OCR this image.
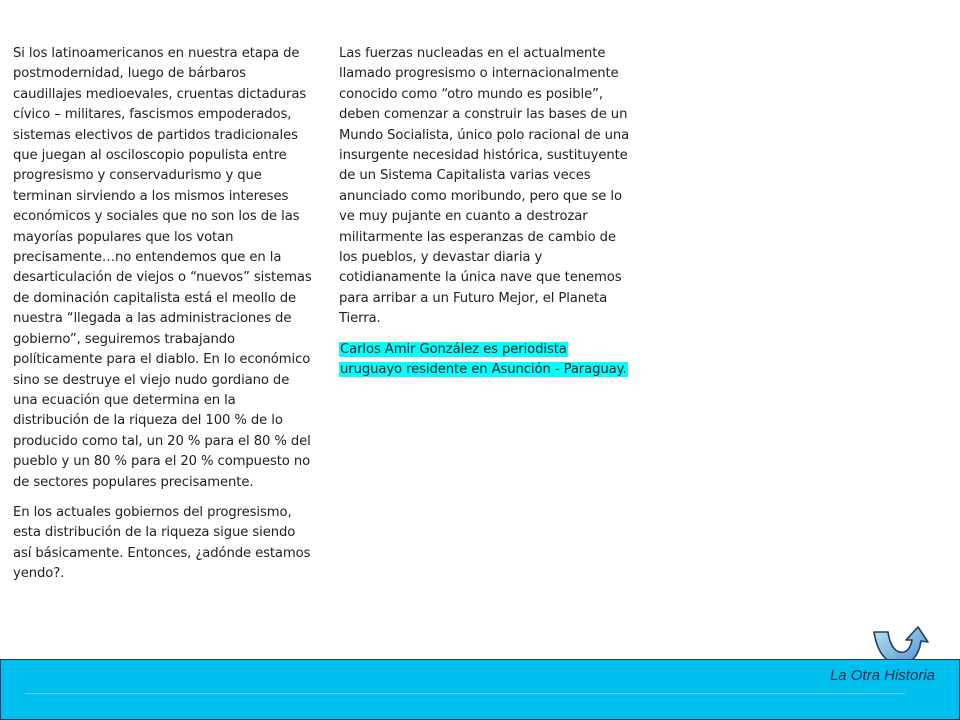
Si los latinoamericanos en nuestra etapa de postmodernidad, luego de bárbaros caudillajes medioevales, cruentas dictaduras cívico – militares, fascismos empoderados, sistemas electivos de partidos tradicionales que juegan al osciloscopio populista entre progresismo y conservadurismo y que terminan sirviendo a los mismos intereses económicos y sociales que no son los de las mayorías populares que los votan precisamente…no entendemos que en la desarticulación de viejos o “nuevos” sistemas de dominación capitalista está el meollo de nuestra “llegada a las administraciones de gobierno”, seguiremos trabajando políticamente para el diablo. En lo económico sino se destruye el viejo nudo gordiano de una ecuación que determina en la distribución de la riqueza del 100 % de lo producido como tal, un 20 % para el 80 % del pueblo y un 80 % para el 20 % compuesto no de sectores populares precisamente.

En los actuales gobiernos del progresismo, esta distribución de la riqueza sigue siendo así básicamente. Entonces, ¿adónde estamos yendo?.

Las fuerzas nucleadas en el actualmente llamado progresismo o internacionalmente conocido como “otro mundo es posible”, deben comenzar a construir las bases de un Mundo Socialista, único polo racional de una insurgente necesidad histórica, sustituyente de un Sistema Capitalista varias veces anunciado como moribundo, pero que se lo ve muy pujante en cuanto a destrozar militarmente las esperanzas de cambio de los pueblos, y devastar diaria y cotidianamente la única nave que tenemos para arribar a un Futuro Mejor, el Planeta Tierra.

Carlos Amir González es periodista uruguayo residente en Asunción - Paraguay.

La Otra Historia
